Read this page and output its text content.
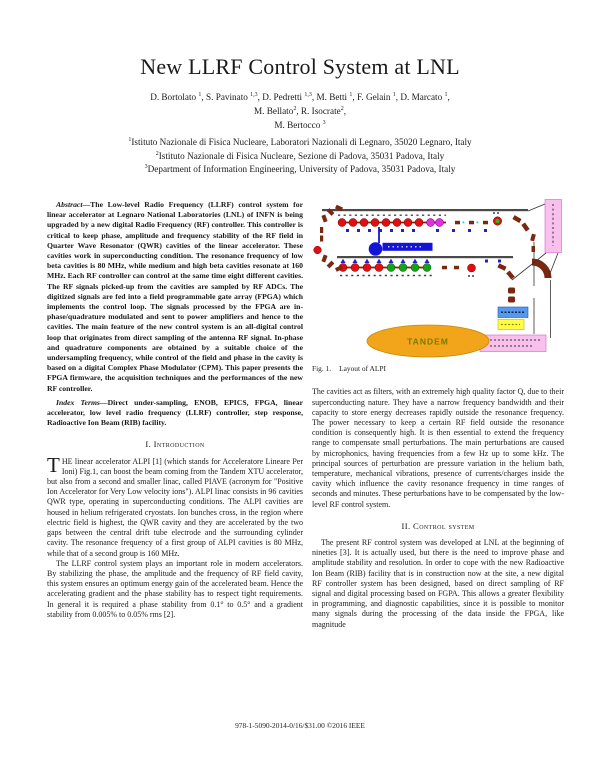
New LLRF Control System at LNL
D. Bortolato $^1$, S. Pavinato $^{1,3}$, D. Pedretti $^{1,3}$, M. Betti $^1$, F. Gelain $^1$, D. Marcato $^1$,
M. Bellato$^2$, R. Isocrate$^2$,
M. Bertocco $^3$
$^1$Istituto Nazionale di Fisica Nucleare, Laboratori Nazionali di Legnaro, 35020 Legnaro, Italy
$^2$Istituto Nazionale di Fisica Nucleare, Sezione di Padova, 35031 Padova, Italy
$^3$Department of Information Engineering, University of Padova, 35031 Padova, Italy

Abstract—The Low-level Radio Frequency (LLRF) control system for linear accelerator at Legnaro National Laboratories (LNL) of INFN is being upgraded by a new digital Radio Frequency (RF) controller. This controller is critical to keep phase, amplitude and frequency stability of the RF field in Quarter Wave Resonator (QWR) cavities of the linear accelerator. These cavities work in superconducting condition. The resonance frequency of low beta cavities is 80 MHz, while medium and high beta cavities resonate at 160 MHz. Each RF controller can control at the same time eight different cavities. The RF signals picked-up from the cavities are sampled by RF ADCs. The digitized signals are fed into a field programmable gate array (FPGA) which implements the control loop. The signals processed by the FPGA are in-phase/quadrature modulated and sent to power amplifiers and hence to the cavities. The main feature of the new control system is an all-digital control loop that originates from direct sampling of the antenna RF signal. In-phase and quadrature components are obtained by a suitable choice of the undersampling frequency, while control of the field and phase in the cavity is based on a digital Complex Phase Modulator (CPM). This paper presents the FPGA firmware, the acquisition techniques and the performances of the new RF controller.

Index Terms—Direct under-sampling, ENOB, EPICS, FPGA, linear accelerator, low level radio frequency (LLRF) controller, step response, Radioactive Ion Beam (RIB) facility.

I. Introduction

THE linear accelerator ALPI [1] (which stands for Acceleratore Lineare Per Ioni) Fig.1, can boost the beam coming from the Tandem XTU accelerator, but also from a second and smaller linac, called PIAVE (acronym for "Positive Ion Accelerator for Very Low velocity ions"). ALPI linac consists in 96 cavities QWR type, operating in superconducting conditions. The ALPI cavities are housed in helium refrigerated cryostats. Ion bunches cross, in the region where electric field is highest, the QWR cavity and they are accelerated by the two gaps between the central drift tube electrode and the surrounding cylinder cavity. The resonance frequency of a first group of ALPI cavities is 80 MHz, while that of a second group is 160 MHz.

The LLRF control system plays an important role in modern accelerators. By stabilizing the phase, the amplitude and the frequency of RF field cavity, this system ensures an optimum energy gain of the accelerated beam. Hence the accelerating gradient and the phase stability has to respect tight requirements. In general it is required a phase stability from 0.1° to 0.5° and a gradient stability from 0.005% to 0.05% rms [2].

TANDEM
Fig. 1. Layout of ALPI

The cavities act as filters, with an extremely high quality factor Q, due to their superconducting nature. They have a narrow frequency bandwidth and their capacity to store energy decreases rapidly outside the resonance frequency. The power necessary to keep a certain RF field outside the resonance condition is consequently high. It is then essential to extend the frequency range to compensate small perturbations. The main perturbations are caused by microphonics, having frequencies from a few Hz up to some kHz. The principal sources of perturbation are pressure variation in the helium bath, temperature, mechanical vibrations, presence of currents/charges inside the cavity which influence the cavity resonance frequency in time ranges of seconds and minutes. These perturbations have to be compensated by the low-level RF control system.

II. Control system

The present RF control system was developed at LNL at the beginning of nineties [3]. It is actually used, but there is the need to improve phase and amplitude stability and resolution. In order to cope with the new Radioactive Ion Beam (RIB) facility that is in construction now at the site, a new digital RF controller system has been designed, based on direct sampling of RF signal and digital processing based on FGPA. This allows a greater flexibility in programming, and diagnostic capabilities, since it is possible to monitor many signals during the processing of the data inside the FPGA, like magnitude

978-1-5090-2014-0/16/$31.00 ©2016 IEEE
